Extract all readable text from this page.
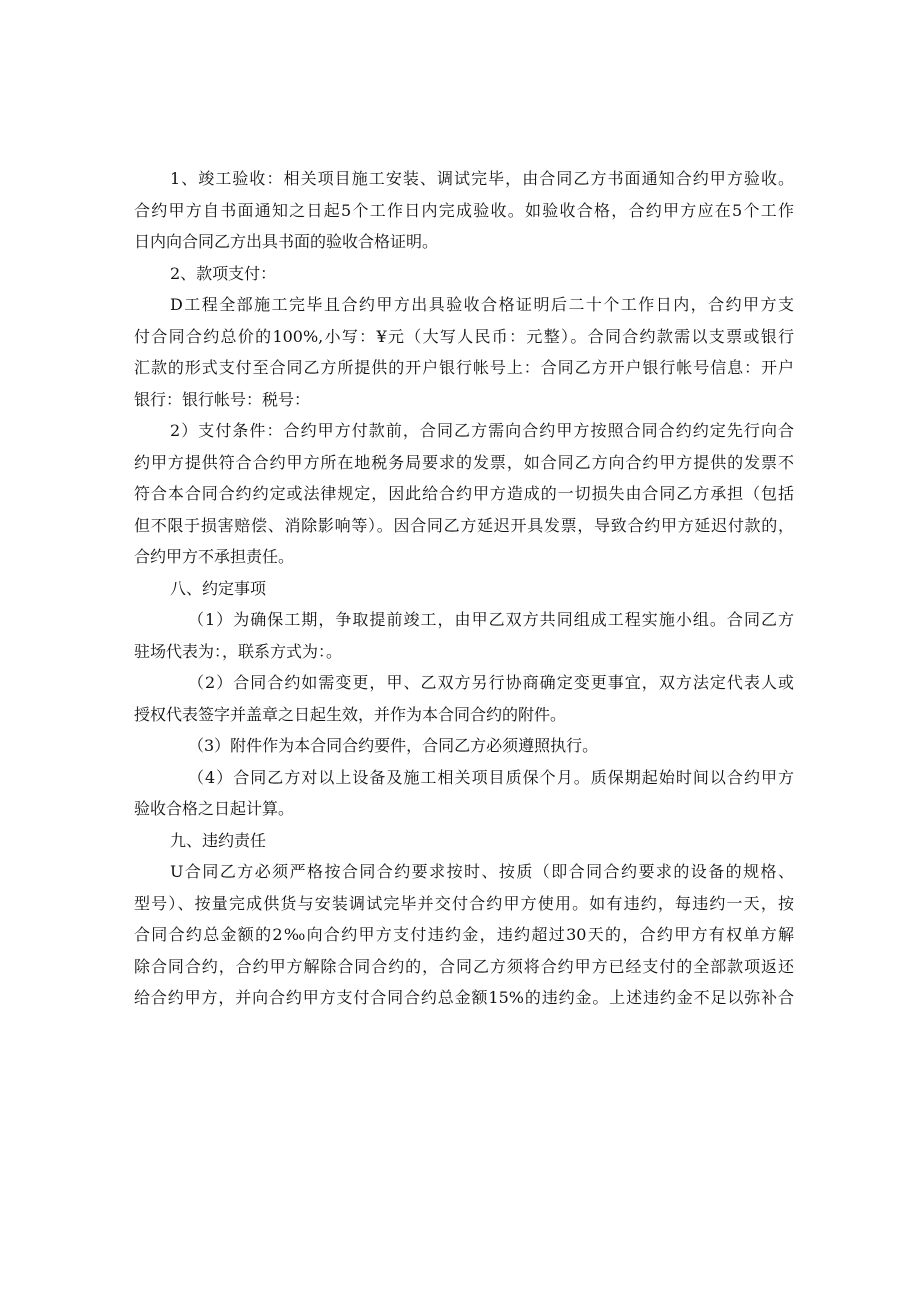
1、竣工验收：相关项目施工安装、调试完毕，由合同乙方书面通知合约甲方验收。
合约甲方自书面通知之日起5个工作日内完成验收。如验收合格，合约甲方应在5个工作
日内向合同乙方出具书面的验收合格证明。
2、款项支付：
D工程全部施工完毕且合约甲方出具验收合格证明后二十个工作日内，合约甲方支
付合同合约总价的100%,小写：¥元（大写人民币：元整）。合同合约款需以支票或银行
汇款的形式支付至合同乙方所提供的开户银行帐号上：合同乙方开户银行帐号信息：开户
银行：银行帐号：税号：
2）支付条件：合约甲方付款前，合同乙方需向合约甲方按照合同合约约定先行向合
约甲方提供符合合约甲方所在地税务局要求的发票，如合同乙方向合约甲方提供的发票不
符合本合同合约约定或法律规定，因此给合约甲方造成的一切损失由合同乙方承担（包括
但不限于损害赔偿、消除影响等）。因合同乙方延迟开具发票，导致合约甲方延迟付款的，
合约甲方不承担责任。
八、约定事项
（1）为确保工期，争取提前竣工，由甲乙双方共同组成工程实施小组。合同乙方
驻场代表为：，联系方式为：。
（2）合同合约如需变更，甲、乙双方另行协商确定变更事宜，双方法定代表人或
授权代表签字并盖章之日起生效，并作为本合同合约的附件。
（3）附件作为本合同合约要件，合同乙方必须遵照执行。
（4）合同乙方对以上设备及施工相关项目质保个月。质保期起始时间以合约甲方
验收合格之日起计算。
九、违约责任
U合同乙方必须严格按合同合约要求按时、按质（即合同合约要求的设备的规格、
型号）、按量完成供货与安装调试完毕并交付合约甲方使用。如有违约，每违约一天，按
合同合约总金额的2‰向合约甲方支付违约金，违约超过30天的，合约甲方有权单方解
除合同合约，合约甲方解除合同合约的，合同乙方须将合约甲方已经支付的全部款项返还
给合约甲方，并向合约甲方支付合同合约总金额15%的违约金。上述违约金不足以弥补合
